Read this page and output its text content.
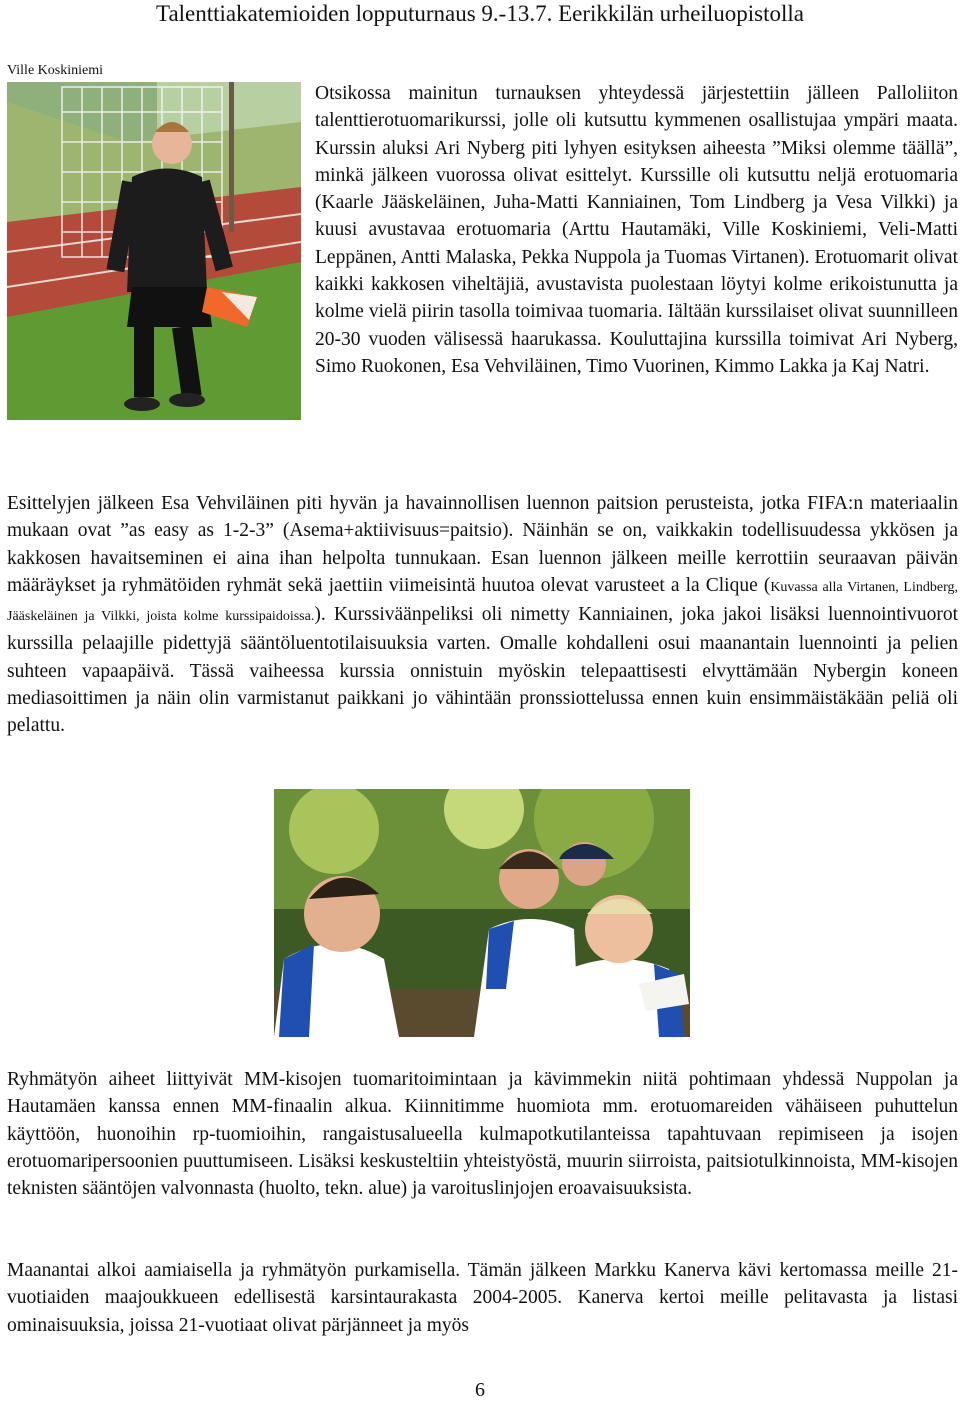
Talenttiakatemioiden lopputurnaus 9.-13.7. Eerikkilän urheiluopistolla
Ville Koskiniemi
Otsikossa mainitun turnauksen yhteydessä järjestettiin jälleen Palloliiton talenttierotuomarikurssi, jolle oli kutsuttu kymmenen osallistujaa ympäri maata. Kurssin aluksi Ari Nyberg piti lyhyen esityksen aiheesta ”Miksi olemme täällä”, minkä jälkeen vuorossa olivat esittelyt. Kurssille oli kutsuttu neljä erotuomaria (Kaarle Jääskeläinen, Juha-Matti Kanniainen, Tom Lindberg ja Vesa Vilkki) ja kuusi avustavaa erotuomaria (Arttu Hautamäki, Ville Koskiniemi, Veli-Matti Leppänen, Antti Malaska, Pekka Nuppola ja Tuomas Virtanen). Erotuomarit olivat kaikki kakkosen viheltäjiä, avustavista puolestaan löytyi kolme erikoistunutta ja kolme vielä piirin tasolla toimivaa tuomaria. Iältään kurssilaiset olivat suunnilleen 20-30 vuoden välisessä haarukassa. Kouluttajina kurssilla toimivat Ari Nyberg, Simo Ruokonen, Esa Vehviläinen, Timo Vuorinen, Kimmo Lakka ja Kaj Natri.

Esittelyjen jälkeen Esa Vehviläinen piti hyvän ja havainnollisen luennon paitsion perusteista, jotka FIFA:n materiaalin mukaan ovat ”as easy as 1-2-3” (Asema+aktiivisuus=paitsio). Näinhän se on, vaikkakin todellisuudessa ykkösen ja kakkosen havaitseminen ei aina ihan helpolta tunnukaan. Esan luennon jälkeen meille kerrottiin seuraavan päivän määräykset ja ryhmätöiden ryhmät sekä jaettiin viimeisintä huutoa olevat varusteet a la Clique (Kuvassa alla Virtanen, Lindberg, Jääskeläinen ja Vilkki, joista kolme kurssipaidoissa.). Kurssiväänpeliksi oli nimetty Kanniainen, joka jakoi lisäksi luennointivuorot kurssilla pelaajille pidettyjä sääntöluentotilaisuuksia varten. Omalle kohdalleni osui maanantain luennointi ja pelien suhteen vapaapäivä. Tässä vaiheessa kurssia onnistuin myöskin telepaattisesti elvyttämään Nybergin koneen mediasoittimen ja näin olin varmistanut paikkani jo vähintään pronssiottelussa ennen kuin ensimmäistäkään peliä oli pelattu.

Ryhmätyön aiheet liittyivät MM-kisojen tuomaritoimintaan ja kävimmekin niitä pohtimaan yhdessä Nuppolan ja Hautamäen kanssa ennen MM-finaalin alkua. Kiinnitimme huomiota mm. erotuomareiden vähäiseen puhuttelun käyttöön, huonoihin rp-tuomioihin, rangaistusalueella kulmapotkutilanteissa tapahtuvaan repimiseen ja isojen erotuomaripersoonien puuttumiseen. Lisäksi keskusteltiin yhteistyöstä, muurin siirroista, paitsiotulkinnoista, MM-kisojen teknisten sääntöjen valvonnasta (huolto, tekn. alue) ja varoituslinjojen eroavaisuuksista.

Maanantai alkoi aamiaisella ja ryhmätyön purkamisella. Tämän jälkeen Markku Kanerva kävi kertomassa meille 21-vuotiaiden maajoukkueen edellisestä karsintaurakasta 2004-2005. Kanerva kertoi meille pelitavasta ja listasi ominaisuuksia, joissa 21-vuotiaat olivat pärjänneet ja myös

6
